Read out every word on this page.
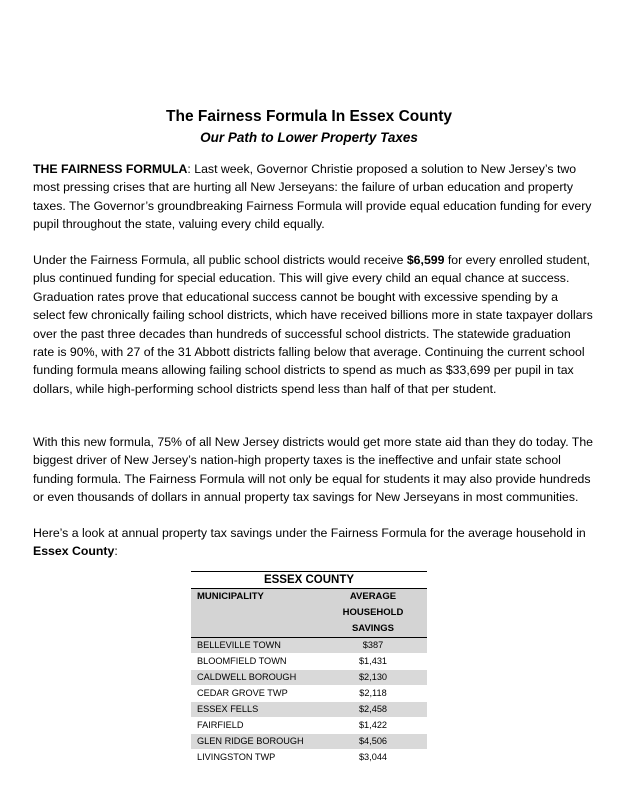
The Fairness Formula In Essex County
Our Path to Lower Property Taxes

THE FAIRNESS FORMULA: Last week, Governor Christie proposed a solution to New Jersey’s two most pressing crises that are hurting all New Jerseyans: the failure of urban education and property taxes. The Governor’s groundbreaking Fairness Formula will provide equal education funding for every pupil throughout the state, valuing every child equally.

Under the Fairness Formula, all public school districts would receive $6,599 for every enrolled student, plus continued funding for special education. This will give every child an equal chance at success. Graduation rates prove that educational success cannot be bought with excessive spending by a select few chronically failing school districts, which have received billions more in state taxpayer dollars over the past three decades than hundreds of successful school districts. The statewide graduation rate is 90%, with 27 of the 31 Abbott districts falling below that average. Continuing the current school funding formula means allowing failing school districts to spend as much as $33,699 per pupil in tax dollars, while high-performing school districts spend less than half of that per student.

With this new formula, 75% of all New Jersey districts would get more state aid than they do today. The biggest driver of New Jersey’s nation-high property taxes is the ineffective and unfair state school funding formula. The Fairness Formula will not only be equal for students it may also provide hundreds or even thousands of dollars in annual property tax savings for New Jerseyans in most communities.

Here’s a look at annual property tax savings under the Fairness Formula for the average household in Essex County:

ESSEX COUNTY	
MUNICIPALITY	AVERAGE
HOUSEHOLD
SAVINGS

BELLEVILLE TOWN	$387
BLOOMFIELD TOWN	$1,431
CALDWELL BOROUGH	$2,130
CEDAR GROVE TWP	$2,118
ESSEX FELLS	$2,458
FAIRFIELD	$1,422
GLEN RIDGE BOROUGH	$4,506
LIVINGSTON TWP	$3,044
